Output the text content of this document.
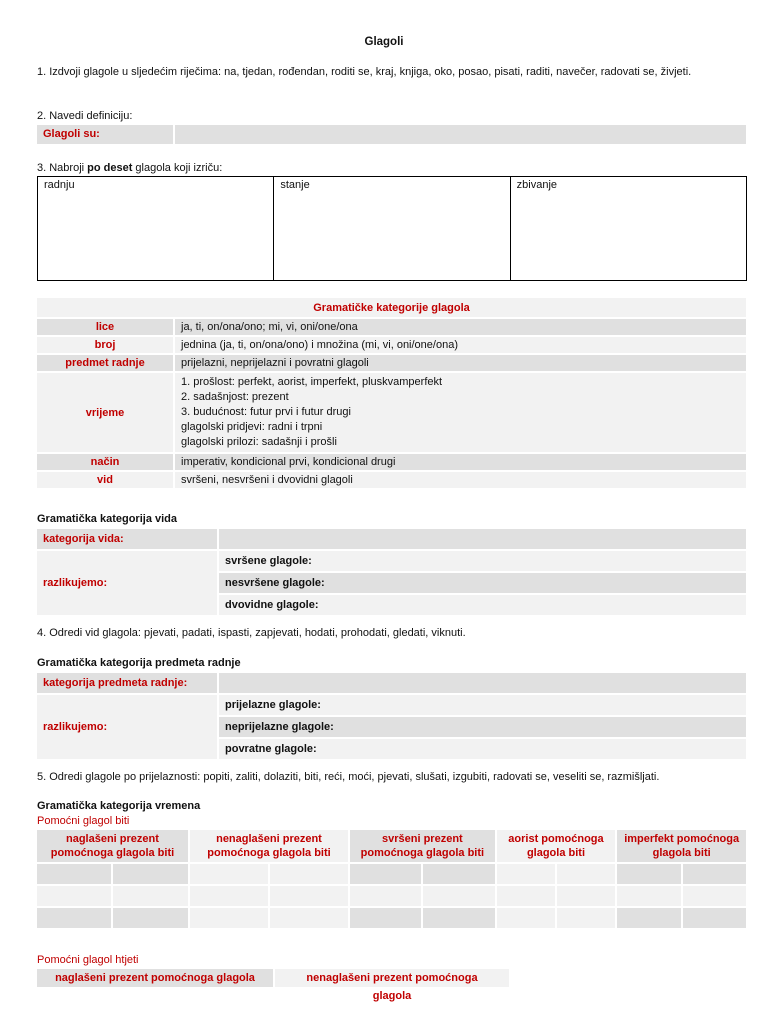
Glagoli
1. Izdvoji glagole u sljedećim riječima: na, tjedan, rođendan, roditi se, kraj, knjiga, oko, posao, pisati, raditi, navečer, radovati se, živjeti.
2. Navedi definiciju:
Glagoli su:
3. Nabroji po deset glagola koji izriču:
radnju	stanje	zbivanje
Gramatičke kategorije glagola	
lice	ja, ti, on/ona/ono; mi, vi, oni/one/ona
broj	jednina (ja, ti, on/ona/ono) i množina (mi, vi, oni/one/ona)
predmet radnje	prijelazni, neprijelazni i povratni glagoli
vrijeme	1. prošlost: perfekt, aorist, imperfekt, pluskvamperfekt
2. sadašnjost: prezent
3. budućnost: futur prvi i futur drugi
glagolski pridjevi: radni i trpni
glagolski prilozi: sadašnji i prošli

način	imperativ, kondicional prvi, kondicional drugi
vid	svršeni, nesvršeni i dvovidni glagoli
Gramatička kategorija vida
kategorija vida:	
razlikujemo:	svršene glagole:
	nesvršene glagole:
	dvovidne glagole:
4. Odredi vid glagola: pjevati, padati, ispasti, zapjevati, hodati, prohodati, gledati, viknuti.
Gramatička kategorija predmeta radnje
kategorija predmeta radnje:	
razlikujemo:	prijelazne glagole:
	neprijelazne glagole:
	povratne glagole:
5. Odredi glagole po prijelaznosti: popiti, zaliti, dolaziti, biti, reći, moći, pjevati, slušati, izgubiti, radovati se, veseliti se, razmišljati.
Gramatička kategorija vremena
Pomoćni glagol biti
naglašeni prezent pomoćnoga glagola biti		nenaglašeni prezent pomoćnoga glagola biti		svršeni prezent pomoćnoga glagola biti		aorist pomoćnoga glagola biti		imperfekt pomoćnoga glagola biti	

Pomoćni glagol htjeti
naglašeni prezent pomoćnoga glagola	nenaglašeni prezent pomoćnoga glagola
